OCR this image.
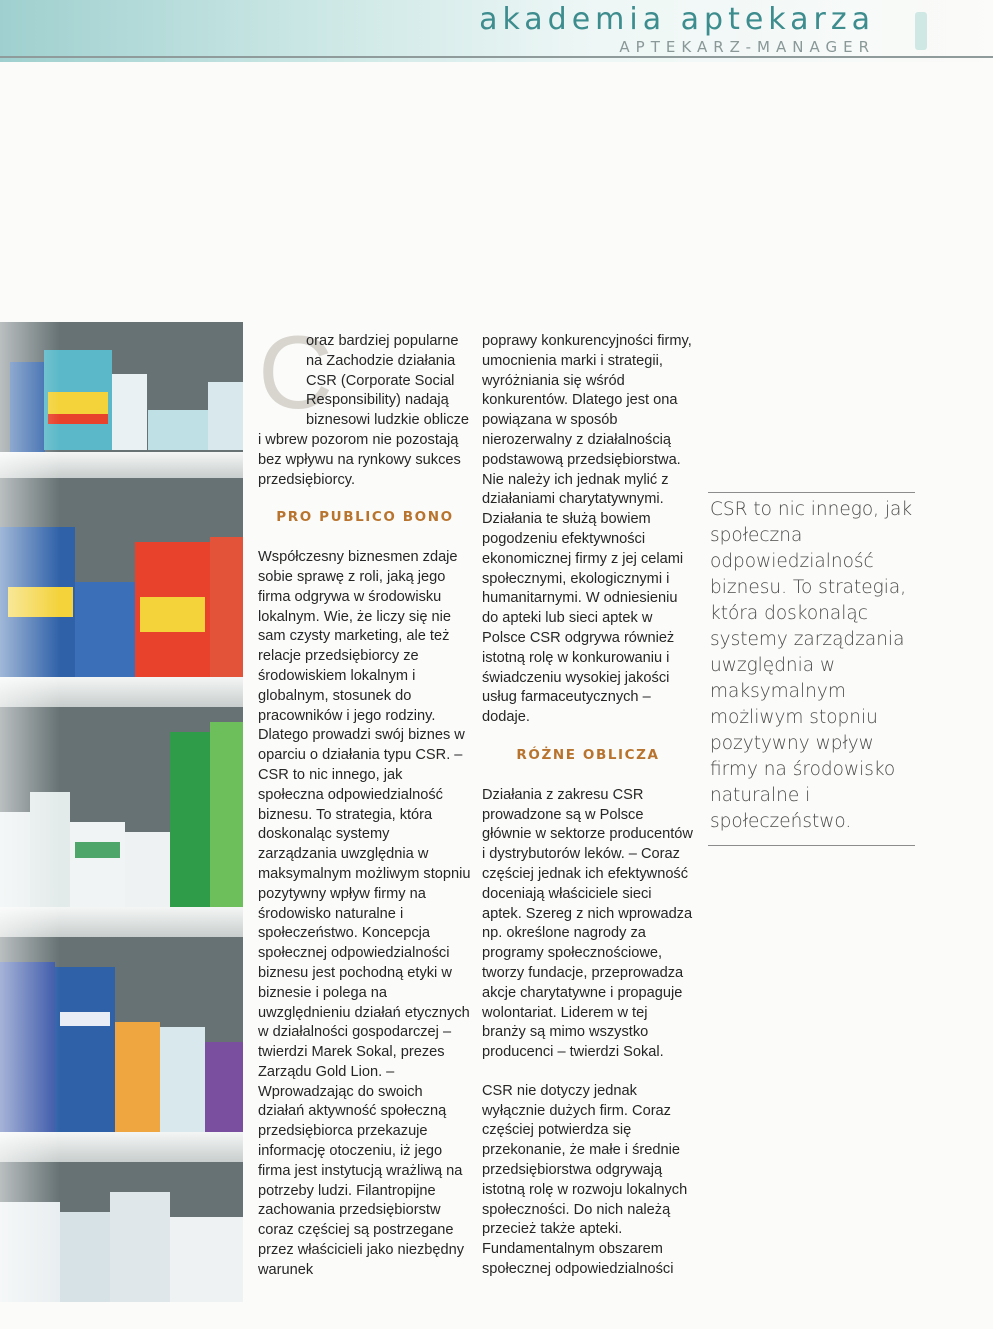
akademia aptekarza
APTEKARZ-MANAGER
C

oraz bardziej popularne na Zachodzie działania CSR (Corporate Social Responsibility) nadają biznesowi ludzkie oblicze i wbrew pozorom nie pozostają bez wpływu na rynkowy sukces przedsiębiorcy.

PRO PUBLICO BONO

Współczesny biznesmen zdaje sobie sprawę z roli, jaką jego firma odgrywa w środowisku lokalnym. Wie, że liczy się nie sam czysty marketing, ale też relacje przedsiębiorcy ze środowiskiem lokalnym i globalnym, stosunek do pracowników i jego rodziny. Dlatego prowadzi swój biznes w oparciu o działania typu CSR. – CSR to nic innego, jak społeczna odpowiedzialność biznesu. To strategia, która doskonaląc systemy zarządzania uwzględnia w maksymalnym możliwym stopniu pozytywny wpływ firmy na środowisko naturalne i społeczeństwo. Koncepcja społecznej odpowiedzialności biznesu jest pochodną etyki w biznesie i polega na uwzględnieniu działań etycznych w działalności gospodarczej – twierdzi Marek Sokal, prezes Zarządu Gold Lion. – Wprowadzając do swoich działań aktywność społeczną przedsiębiorca przekazuje informację otoczeniu, iż jego firma jest instytucją wrażliwą na potrzeby ludzi. Filantropijne zachowania przedsiębiorstw coraz częściej są postrzegane przez właścicieli jako niezbędny warunek

poprawy konkurencyjności firmy, umocnienia marki i strategii, wyróżniania się wśród konkurentów. Dlatego jest ona powiązana w sposób nierozerwalny z działalnością podstawową przedsiębiorstwa. Nie należy ich jednak mylić z działaniami charytatywnymi. Działania te służą bowiem pogodzeniu efektywności ekonomicznej firmy z jej celami społecznymi, ekologicznymi i humanitarnymi. W odniesieniu do apteki lub sieci aptek w Polsce CSR odgrywa również istotną rolę w konkurowaniu i świadczeniu wysokiej jakości usług farmaceutycznych – dodaje.

RÓŻNE OBLICZA

Działania z zakresu CSR prowadzone są w Polsce głównie w sektorze producentów i dystrybutorów leków. – Coraz częściej jednak ich efektywność doceniają właściciele sieci aptek. Szereg z nich wprowadza np. określone nagrody za programy społecznościowe, tworzy fundacje, przeprowadza akcje charytatywne i propaguje wolontariat. Liderem w tej branży są mimo wszystko producenci – twierdzi Sokal.

CSR nie dotyczy jednak wyłącznie dużych firm. Coraz częściej potwierdza się przekonanie, że małe i średnie przedsiębiorstwa odgrywają istotną rolę w rozwoju lokalnych społeczności. Do nich należą przecież także apteki. Fundamentalnym obszarem społecznej odpowiedzialności

CSR to nic innego, jak społeczna odpowiedzialność biznesu. To strategia, która doskonaląc systemy zarządzania uwzględnia w maksymalnym możliwym stopniu pozytywny wpływ firmy na środowisko naturalne i społeczeństwo.
